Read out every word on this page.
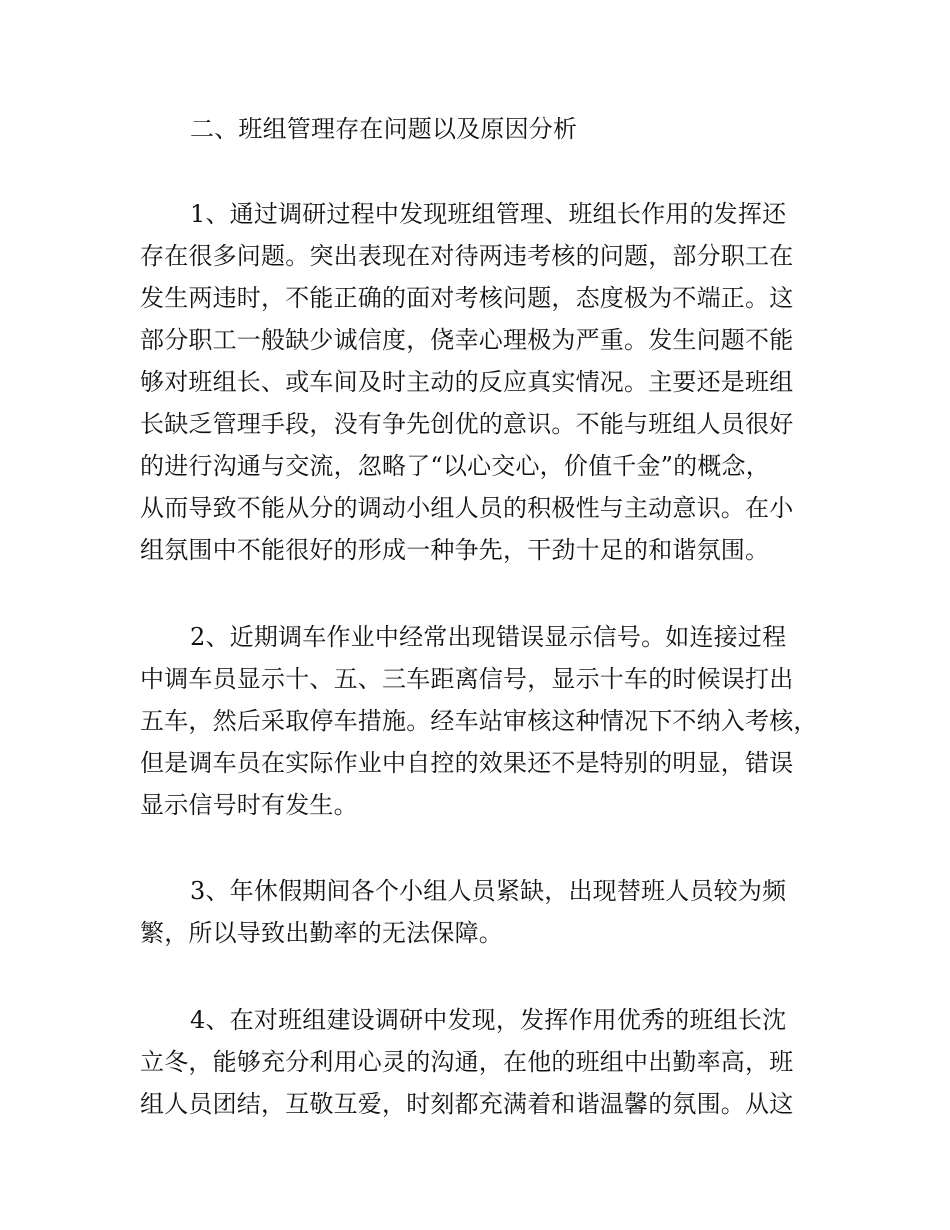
二、班组管理存在问题以及原因分析
1、通过调研过程中发现班组管理、班组长作用的发挥还
存在很多问题。突出表现在对待两违考核的问题，部分职工在
发生两违时，不能正确的面对考核问题，态度极为不端正。这
部分职工一般缺少诚信度，侥幸心理极为严重。发生问题不能
够对班组长、或车间及时主动的反应真实情况。主要还是班组
长缺乏管理手段，没有争先创优的意识。不能与班组人员很好
的进行沟通与交流，忽略了“以心交心，价值千金”的概念，
从而导致不能从分的调动小组人员的积极性与主动意识。在小
组氛围中不能很好的形成一种争先，干劲十足的和谐氛围。
2、近期调车作业中经常出现错误显示信号。如连接过程
中调车员显示十、五、三车距离信号，显示十车的时候误打出
五车，然后采取停车措施。经车站审核这种情况下不纳入考核，
但是调车员在实际作业中自控的效果还不是特别的明显，错误
显示信号时有发生。
3、年休假期间各个小组人员紧缺，出现替班人员较为频
繁，所以导致出勤率的无法保障。
4、在对班组建设调研中发现，发挥作用优秀的班组长沈
立冬，能够充分利用心灵的沟通，在他的班组中出勤率高，班
组人员团结，互敬互爱，时刻都充满着和谐温馨的氛围。从这
